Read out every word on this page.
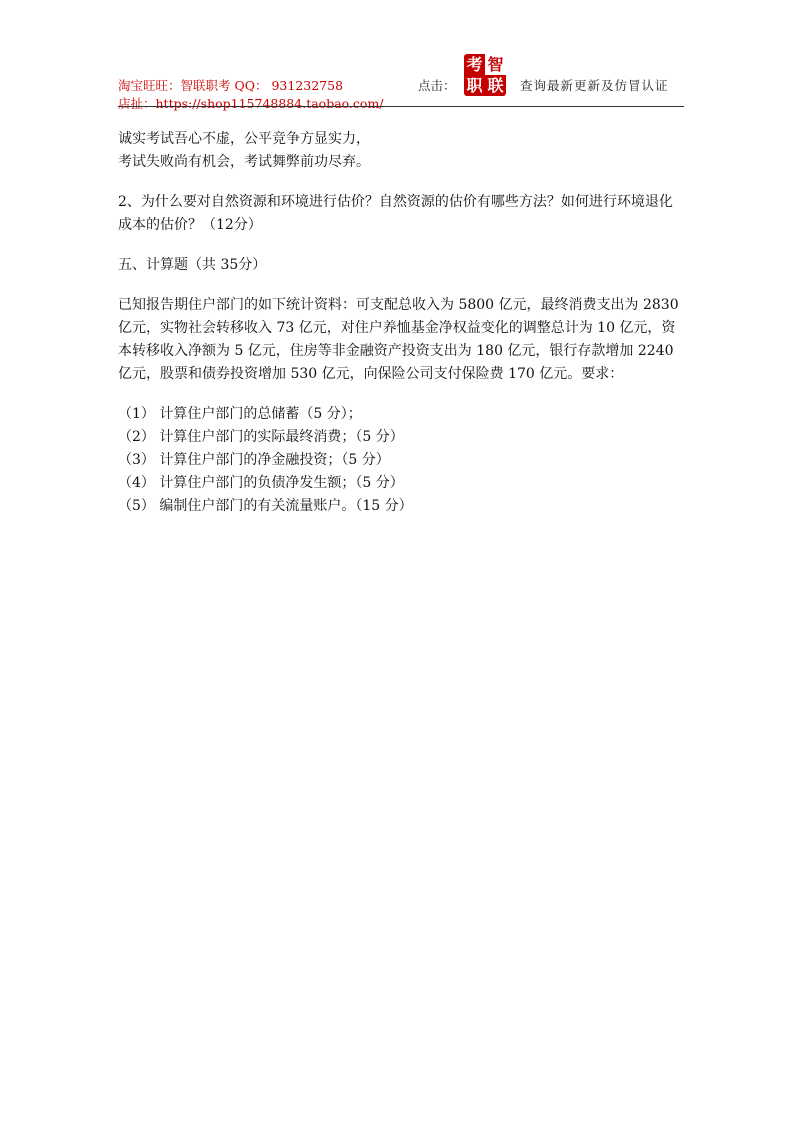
淘宝旺旺：智联职考 QQ： 931232758
店扯：https://shop115748884.taobao.com/
点击：
考 智
职 联 查询最新更新及仿冒认证

诚实考试吾心不虚，公平竞争方显实力，

考试失败尚有机会，考试舞弊前功尽弃。

2、为什么要对自然资源和环境进行估价？自然资源的估价有哪些方法？如何进行环境退化成本的估价？（12分）

五、计算题（共 35分）

已知报告期住户部门的如下统计资料：可支配总收入为 5800 亿元，最终消费支出为 2830 亿元，实物社会转移收入 73 亿元，对住户养恤基金净权益变化的调整总计为 10 亿元，资本转移收入净额为 5 亿元，住房等非金融资产投资支出为 180 亿元，银行存款增加 2240 亿元，股票和债券投资增加 530 亿元，向保险公司支付保险费 170 亿元。要求：

（1） 计算住户部门的总储蓄（5 分）；

（2） 计算住户部门的实际最终消费；（5 分）

（3） 计算住户部门的净金融投资；（5 分）

（4） 计算住户部门的负债净发生额；（5 分）

（5） 编制住户部门的有关流量账户。（15 分）
